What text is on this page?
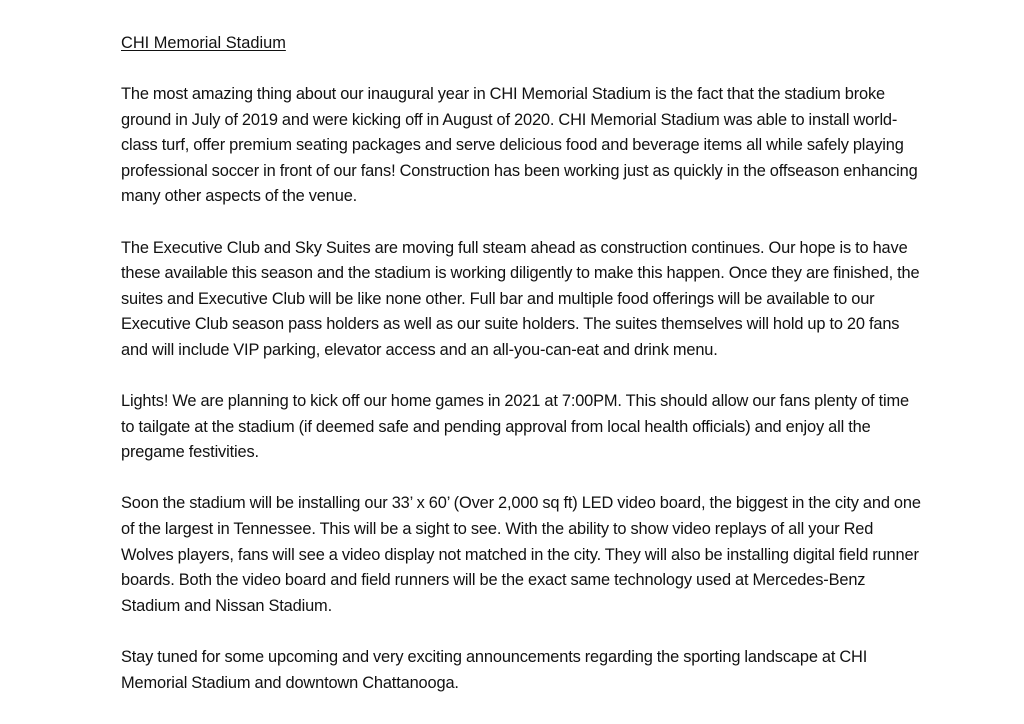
CHI Memorial Stadium

The most amazing thing about our inaugural year in CHI Memorial Stadium is the fact that the stadium broke ground in July of 2019 and were kicking off in August of 2020. CHI Memorial Stadium was able to install world-class turf, offer premium seating packages and serve delicious food and beverage items all while safely playing professional soccer in front of our fans! Construction has been working just as quickly in the offseason enhancing many other aspects of the venue.

The Executive Club and Sky Suites are moving full steam ahead as construction continues. Our hope is to have these available this season and the stadium is working diligently to make this happen. Once they are finished, the suites and Executive Club will be like none other. Full bar and multiple food offerings will be available to our Executive Club season pass holders as well as our suite holders. The suites themselves will hold up to 20 fans and will include VIP parking, elevator access and an all-you-can-eat and drink menu.

Lights! We are planning to kick off our home games in 2021 at 7:00PM. This should allow our fans plenty of time to tailgate at the stadium (if deemed safe and pending approval from local health officials) and enjoy all the pregame festivities.

Soon the stadium will be installing our 33’ x 60’ (Over 2,000 sq ft) LED video board, the biggest in the city and one of the largest in Tennessee. This will be a sight to see. With the ability to show video replays of all your Red Wolves players, fans will see a video display not matched in the city. They will also be installing digital field runner boards. Both the video board and field runners will be the exact same technology used at Mercedes-Benz Stadium and Nissan Stadium.

Stay tuned for some upcoming and very exciting announcements regarding the sporting landscape at CHI Memorial Stadium and downtown Chattanooga.
